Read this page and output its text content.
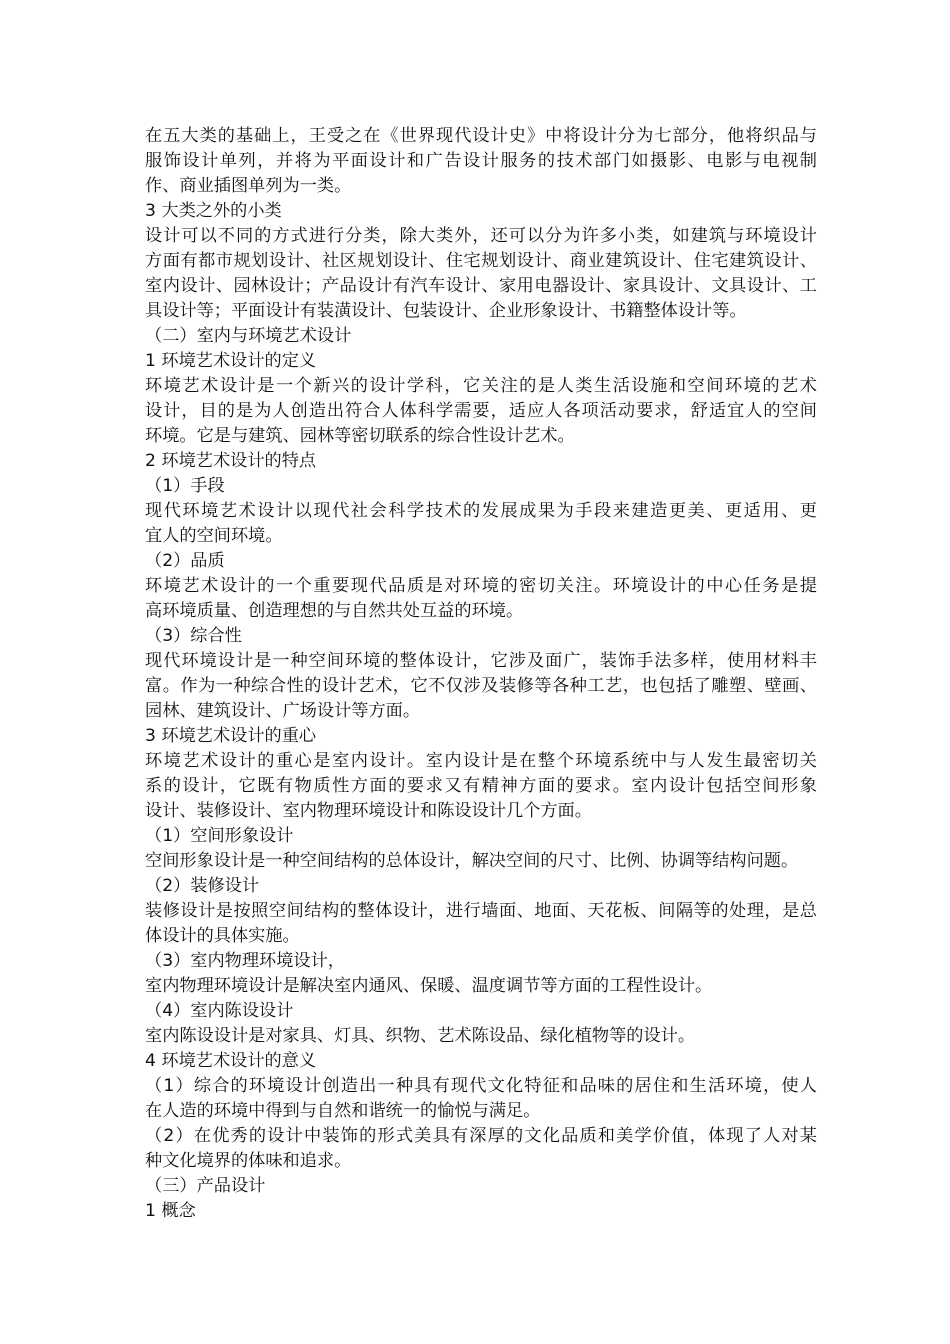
在五大类的基础上，王受之在《世界现代设计史》中将设计分为七部分，他将织品与
服饰设计单列，并将为平面设计和广告设计服务的技术部门如摄影、电影与电视制
作、商业插图单列为一类。
3 大类之外的小类
设计可以不同的方式进行分类，除大类外，还可以分为许多小类，如建筑与环境设计
方面有都市规划设计、社区规划设计、住宅规划设计、商业建筑设计、住宅建筑设计、
室内设计、园林设计；产品设计有汽车设计、家用电器设计、家具设计、文具设计、工
具设计等；平面设计有装潢设计、包装设计、企业形象设计、书籍整体设计等。
（二）室内与环境艺术设计
1 环境艺术设计的定义
环境艺术设计是一个新兴的设计学科，它关注的是人类生活设施和空间环境的艺术
设计，目的是为人创造出符合人体科学需要，适应人各项活动要求，舒适宜人的空间
环境。它是与建筑、园林等密切联系的综合性设计艺术。
2 环境艺术设计的特点
（1）手段
现代环境艺术设计以现代社会科学技术的发展成果为手段来建造更美、更适用、更
宜人的空间环境。
（2）品质
环境艺术设计的一个重要现代品质是对环境的密切关注。环境设计的中心任务是提
高环境质量、创造理想的与自然共处互益的环境。
（3）综合性
现代环境设计是一种空间环境的整体设计，它涉及面广，装饰手法多样，使用材料丰
富。作为一种综合性的设计艺术，它不仅涉及装修等各种工艺，也包括了雕塑、壁画、
园林、建筑设计、广场设计等方面。
3 环境艺术设计的重心
环境艺术设计的重心是室内设计。室内设计是在整个环境系统中与人发生最密切关
系的设计，它既有物质性方面的要求又有精神方面的要求。室内设计包括空间形象
设计、装修设计、室内物理环境设计和陈设设计几个方面。
（1）空间形象设计
空间形象设计是一种空间结构的总体设计，解决空间的尺寸、比例、协调等结构问题。
（2）装修设计
装修设计是按照空间结构的整体设计，进行墙面、地面、天花板、间隔等的处理，是总
体设计的具体实施。
（3）室内物理环境设计，
室内物理环境设计是解决室内通风、保暖、温度调节等方面的工程性设计。
（4）室内陈设设计
室内陈设设计是对家具、灯具、织物、艺术陈设品、绿化植物等的设计。
4 环境艺术设计的意义
（1）综合的环境设计创造出一种具有现代文化特征和品味的居住和生活环境，使人
在人造的环境中得到与自然和谐统一的愉悦与满足。
（2）在优秀的设计中装饰的形式美具有深厚的文化品质和美学价值，体现了人对某
种文化境界的体味和追求。
（三）产品设计
1 概念
